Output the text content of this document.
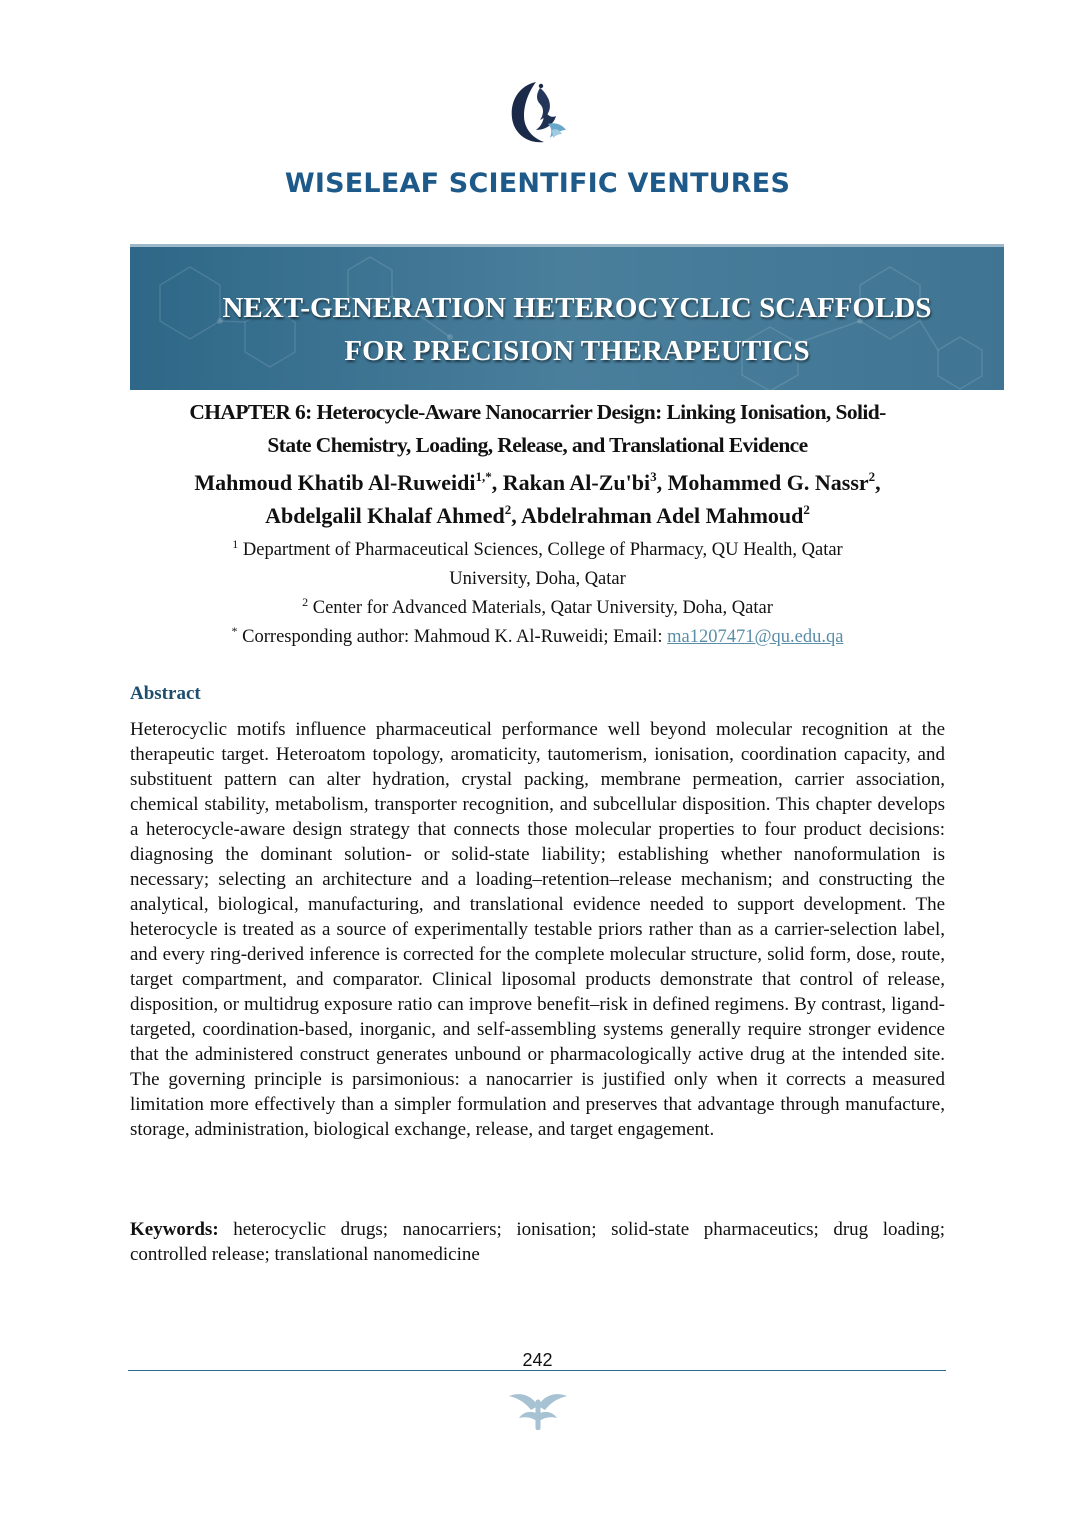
WISELEAF SCIENTIFIC VENTURES
NEXT-GENERATION HETEROCYCLIC SCAFFOLDS
FOR PRECISION THERAPEUTICS
CHAPTER 6: Heterocycle-Aware Nanocarrier Design: Linking Ionisation, Solid-
State Chemistry, Loading, Release, and Translational Evidence
Mahmoud Khatib Al-Ruweidi$^{1,*}$, Rakan $Al-Zu'bi^3$, Mohammed G. Nassr$^2$,
Abdelgalil Khalaf Ahmed$^2$, Abdelrahman Adel Mahmoud$^2$
$^1$ Department of Pharmaceutical Sciences, College of Pharmacy, QU Health, Qatar
University, Doha, Qatar
$^2$ Center for Advanced Materials, Qatar University, Doha, Qatar
* Corresponding author: Mahmoud K. Al-Ruweidi; Email: ma1207471@qu.edu.qa
Abstract

Heterocyclic motifs influence pharmaceutical performance well beyond molecular recognition at the therapeutic target. Heteroatom topology, aromaticity, tautomerism, ionisation, coordination capacity, and substituent pattern can alter hydration, crystal packing, membrane permeation, carrier association, chemical stability, metabolism, transporter recognition, and subcellular disposition. This chapter develops a heterocycle-aware design strategy that connects those molecular properties to four product decisions: diagnosing the dominant solution- or solid-state liability; establishing whether nanoformulation is necessary; selecting an architecture and a loading–retention–release mechanism; and constructing the analytical, biological, manufacturing, and translational evidence needed to support development. The heterocycle is treated as a source of experimentally testable priors rather than as a carrier-selection label, and every ring-derived inference is corrected for the complete molecular structure, solid form, dose, route, target compartment, and comparator. Clinical liposomal products demonstrate that control of release, disposition, or multidrug exposure ratio can improve benefit–risk in defined regimens. By contrast, ligand-targeted, coordination-based, inorganic, and self-assembling systems generally require stronger evidence that the administered construct generates unbound or pharmacologically active drug at the intended site. The governing principle is parsimonious: a nanocarrier is justified only when it corrects a measured limitation more effectively than a simpler formulation and preserves that advantage through manufacture, storage, administration, biological exchange, release, and target engagement.

Keywords: heterocyclic drugs; nanocarriers; ionisation; solid-state pharmaceutics; drug loading; controlled release; translational nanomedicine

242
